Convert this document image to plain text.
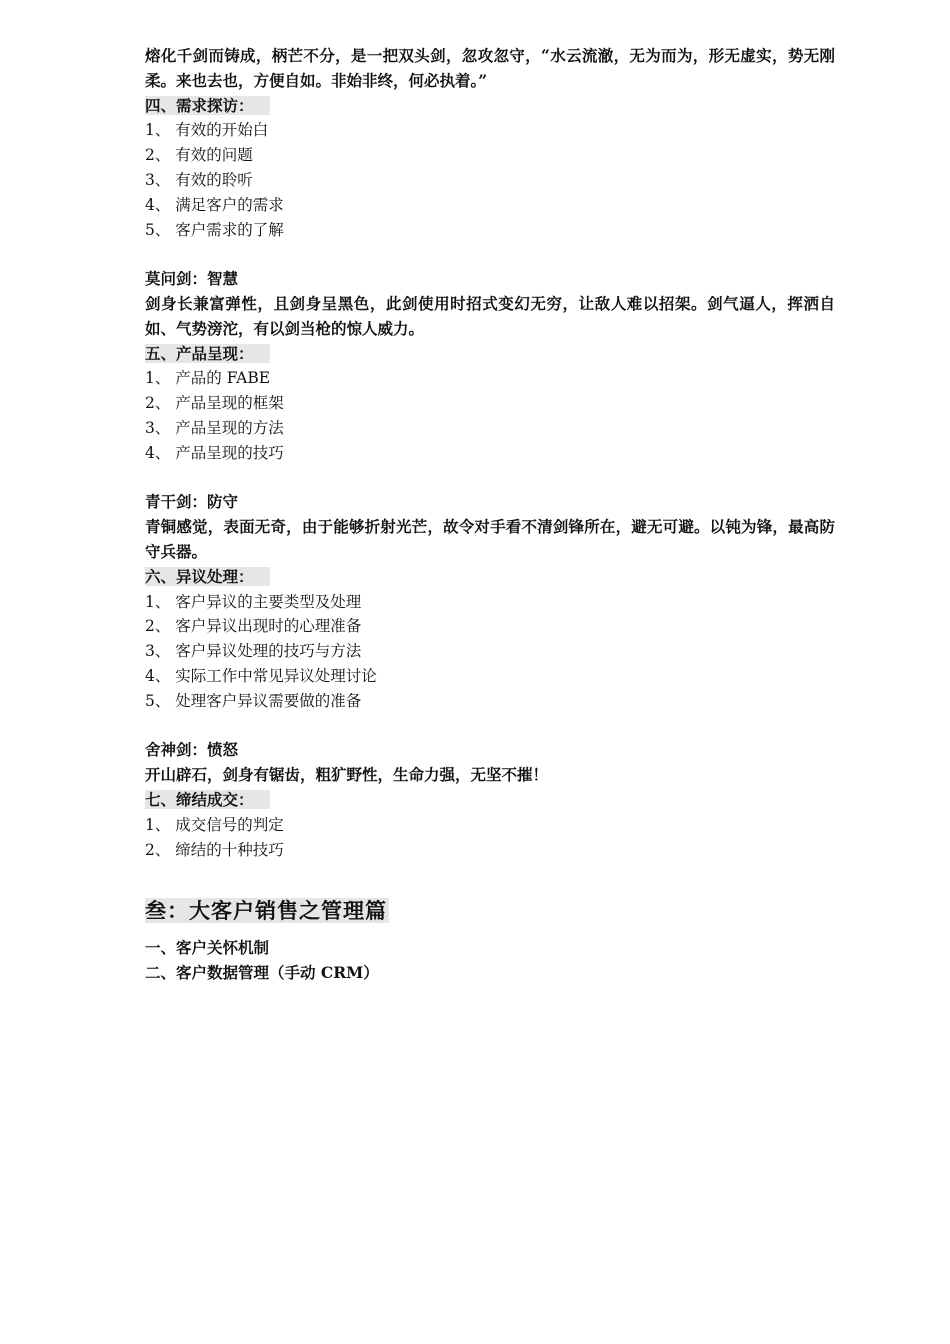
熔化千剑而铸成，柄芒不分，是一把双头剑，忽攻忽守，“水云流澈，无为而为，形无虚实，势无刚柔。来也去也，方便自如。非始非终，何必执着。”
四、需求探访：
1、 有效的开始白
2、 有效的问题
3、 有效的聆听
4、 满足客户的需求
5、 客户需求的了解
莫问剑：智慧
剑身长兼富弹性，且剑身呈黑色，此剑使用时招式变幻无穷，让敌人难以招架。剑气逼人，挥洒自如、气势滂沱，有以剑当枪的惊人威力。
五、产品呈现：
1、 产品的 FABE
2、 产品呈现的框架
3、 产品呈现的方法
4、 产品呈现的技巧
青干剑：防守
青铜感觉，表面无奇，由于能够折射光芒，故令对手看不清剑锋所在，避无可避。以钝为锋，最高防守兵器。
六、异议处理：
1、 客户异议的主要类型及处理
2、 客户异议出现时的心理准备
3、 客户异议处理的技巧与方法
4、 实际工作中常见异议处理讨论
5、 处理客户异议需要做的准备
舍神剑：愤怒
开山辟石，剑身有锯齿，粗犷野性，生命力强，无坚不摧！
七、缔结成交：
1、 成交信号的判定
2、 缔结的十种技巧
叁：大客户销售之管理篇
一、客户关怀机制
二、客户数据管理（手动 CRM）
